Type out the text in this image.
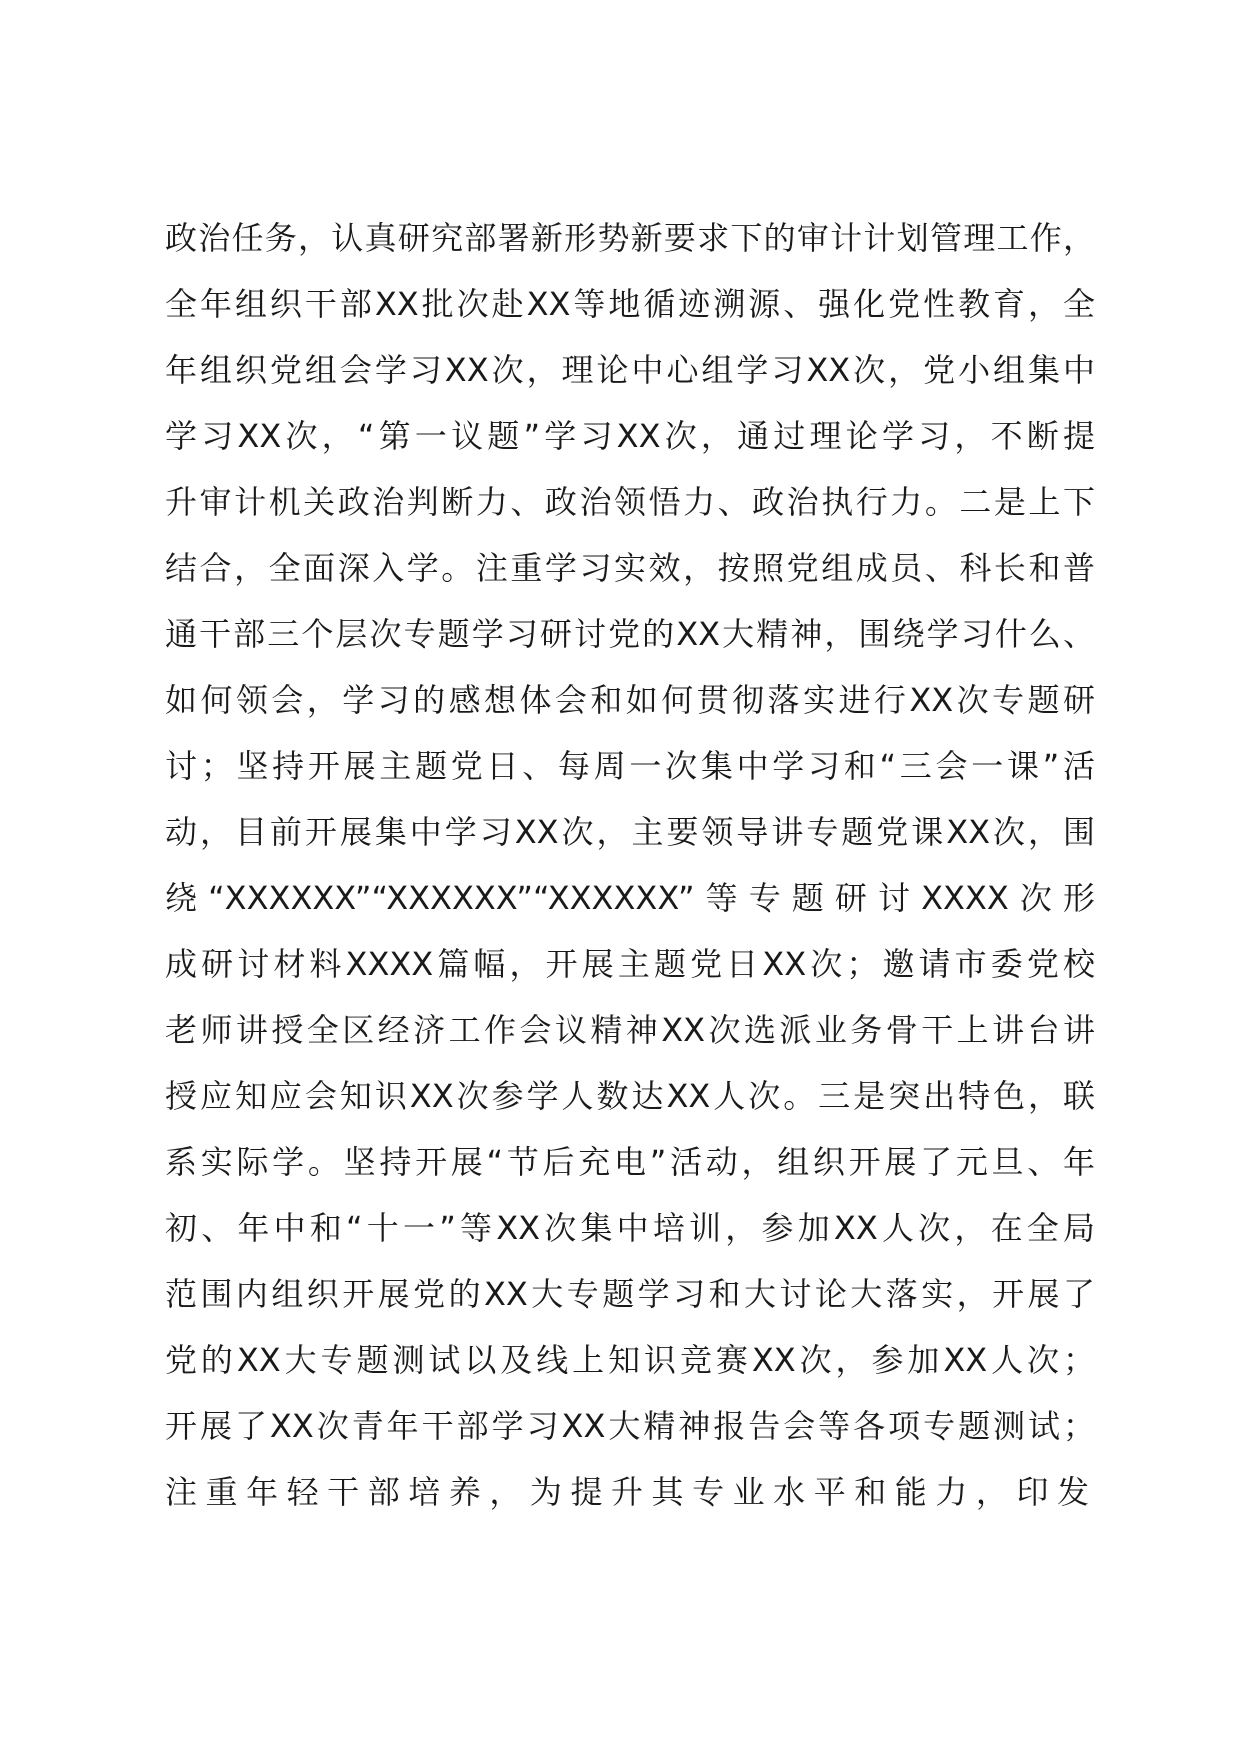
政治任务，认真研究部署新形势新要求下的审计计划管理工作，
全年组织干部XX批次赴XX等地循迹溯源、强化党性教育，全
年组织党组会学习XX次，理论中心组学习XX次，党小组集中
学习XX次，“第一议题”学习XX次，通过理论学习，不断提
升审计机关政治判断力、政治领悟力、政治执行力。二是上下
结合，全面深入学。注重学习实效，按照党组成员、科长和普
通干部三个层次专题学习研讨党的XX大精神，围绕学习什么、
如何领会，学习的感想体会和如何贯彻落实进行XX次专题研
讨；坚持开展主题党日、每周一次集中学习和“三会一课”活
动，目前开展集中学习XX次，主要领导讲专题党课XX次，围
绕“XXXXXX”“XXXXXX”“XXXXXX”等专题研讨XXXX次形
成研讨材料XXXX篇幅，开展主题党日XX次；邀请市委党校
老师讲授全区经济工作会议精神XX次选派业务骨干上讲台讲
授应知应会知识XX次参学人数达XX人次。三是突出特色，联
系实际学。坚持开展“节后充电”活动，组织开展了元旦、年
初、年中和“十一”等XX次集中培训，参加XX人次，在全局
范围内组织开展党的XX大专题学习和大讨论大落实，开展了
党的XX大专题测试以及线上知识竞赛XX次，参加XX人次；
开展了XX次青年干部学习XX大精神报告会等各项专题测试；
注重年轻干部培养，为提升其专业水平和能力，印发
